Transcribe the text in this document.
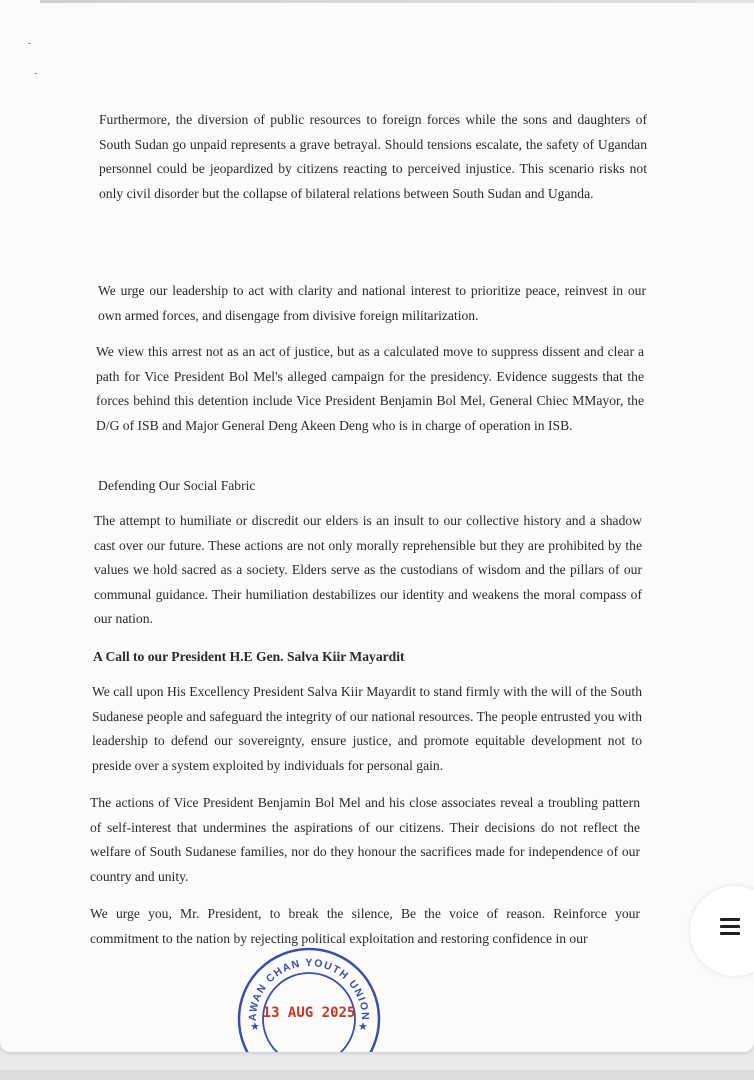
Furthermore, the diversion of public resources to foreign forces while the sons and daughters of South Sudan go unpaid represents a grave betrayal. Should tensions escalate, the safety of Ugandan personnel could be jeopardized by citizens reacting to perceived injustice. This scenario risks not only civil disorder but the collapse of bilateral relations between South Sudan and Uganda.

We urge our leadership to act with clarity and national interest to prioritize peace, reinvest in our own armed forces, and disengage from divisive foreign militarization.

We view this arrest not as an act of justice, but as a calculated move to suppress dissent and clear a path for Vice President Bol Mel's alleged campaign for the presidency. Evidence suggests that the forces behind this detention include Vice President Benjamin Bol Mel, General Chiec MMayor, the D/G of ISB and Major General Deng Akeen Deng who is in charge of operation in ISB.

Defending Our Social Fabric

The attempt to humiliate or discredit our elders is an insult to our collective history and a shadow cast over our future. These actions are not only morally reprehensible but they are prohibited by the values we hold sacred as a society. Elders serve as the custodians of wisdom and the pillars of our communal guidance. Their humiliation destabilizes our identity and weakens the moral compass of our nation.

A Call to our President H.E Gen. Salva Kiir Mayardit

We call upon His Excellency President Salva Kiir Mayardit to stand firmly with the will of the South Sudanese people and safeguard the integrity of our national resources. The people entrusted you with leadership to defend our sovereignty, ensure justice, and promote equitable development not to preside over a system exploited by individuals for personal gain.

The actions of Vice President Benjamin Bol Mel and his close associates reveal a troubling pattern of self-interest that undermines the aspirations of our citizens. Their decisions do not reflect the welfare of South Sudanese families, nor do they honour the sacrifices made for independence of our country and unity.

We urge you, Mr. President, to break the silence, Be the voice of reason. Reinforce your commitment to the nation by rejecting political exploitation and restoring confidence in our

AWAN CHAN YOUTH UNION
13 AUG 2025
★	★
